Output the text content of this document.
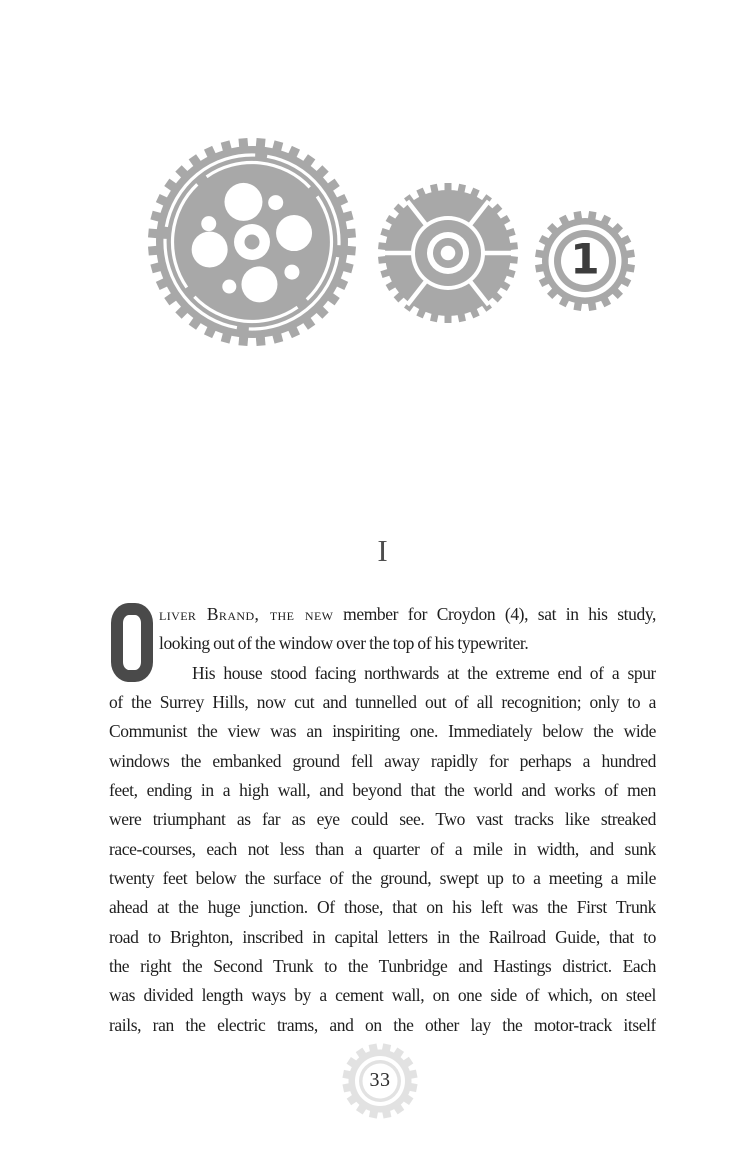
1
I
liver Brand, the new member for Croydon (4), sat in his study,
looking out of the window over the top of his typewriter.
His house stood facing northwards at the extreme end of a spur
of the Surrey Hills, now cut and tunnelled out of all recognition; only to a
Communist the view was an inspiriting one. Immediately below the wide
windows the embanked ground fell away rapidly for perhaps a hundred
feet, ending in a high wall, and beyond that the world and works of men
were triumphant as far as eye could see. Two vast tracks like streaked
race-courses, each not less than a quarter of a mile in width, and sunk
twenty feet below the surface of the ground, swept up to a meeting a mile
ahead at the huge junction. Of those, that on his left was the First Trunk
road to Brighton, inscribed in capital letters in the Railroad Guide, that to
the right the Second Trunk to the Tunbridge and Hastings district. Each
was divided length ways by a cement wall, on one side of which, on steel
rails, ran the electric trams, and on the other lay the motor-track itself
33
